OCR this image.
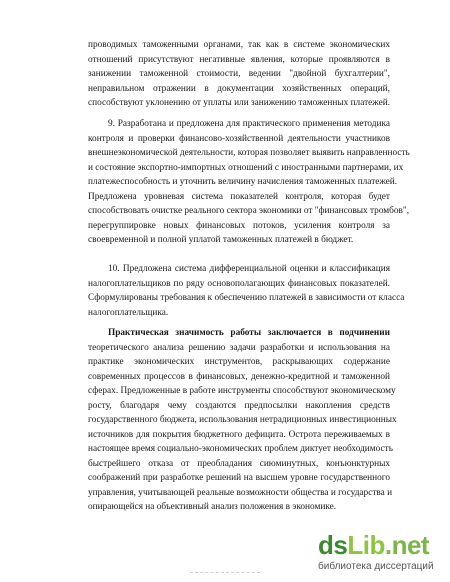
проводимых таможенными органами, так как в системе экономических
отношений присутствуют негативные явления, которые проявляются в
занижении таможенной стоимости, ведении "двойной бухгалтерии",
неправильном отражении в документации хозяйственных операций,
способствуют уклонению от уплаты или занижению таможенных платежей.
9. Разработана и предложена для практического применения методика
контроля и проверки финансово-хозяйственной деятельности участников
внешнеэкономической деятельности, которая позволяет выявить направленность
и состояние экспортно-импортных отношений с иностранными партнерами, их
платежеспособность и уточнить величину начисления таможенных платежей.
Предложена уровневая система показателей контроля, которая будет
способствовать очистке реального сектора экономики от "финансовых тромбов",
перегруппировке новых финансовых потоков, усиления контроля за
своевременной и полной уплатой таможенных платежей в бюджет.
10. Предложена система дифференциальной оценки и классификация
налогоплательщиков по ряду основополагающих финансовых показателей.
Сформулированы требования к обеспечению платежей в зависимости от класса
налогоплательщика.
Практическая значимость работы заключается в подчинении
теоретического анализа решению задачи разработки и использования на
практике экономических инструментов, раскрывающих содержание
современных процессов в финансовых, денежно-кредитной и таможенной
сферах. Предложенные в работе инструменты способствуют экономическому
росту, благодаря чему создаются предпосылки накопления средств
государственного бюджета, использования нетрадиционных инвестиционных
источников для покрытия бюджетного дефицита. Острота переживаемых в
настоящее время социально-экономических проблем диктует необходимость
быстрейшего отказа от преобладания сиюминутных, конъюнктурных
соображений при разработке решений на высшем уровне государственного
управления, учитывающей реальные возможности общества и государства и
опирающейся на объективный анализ положения в экономике.
dsLib.net
библиотека диссертаций
